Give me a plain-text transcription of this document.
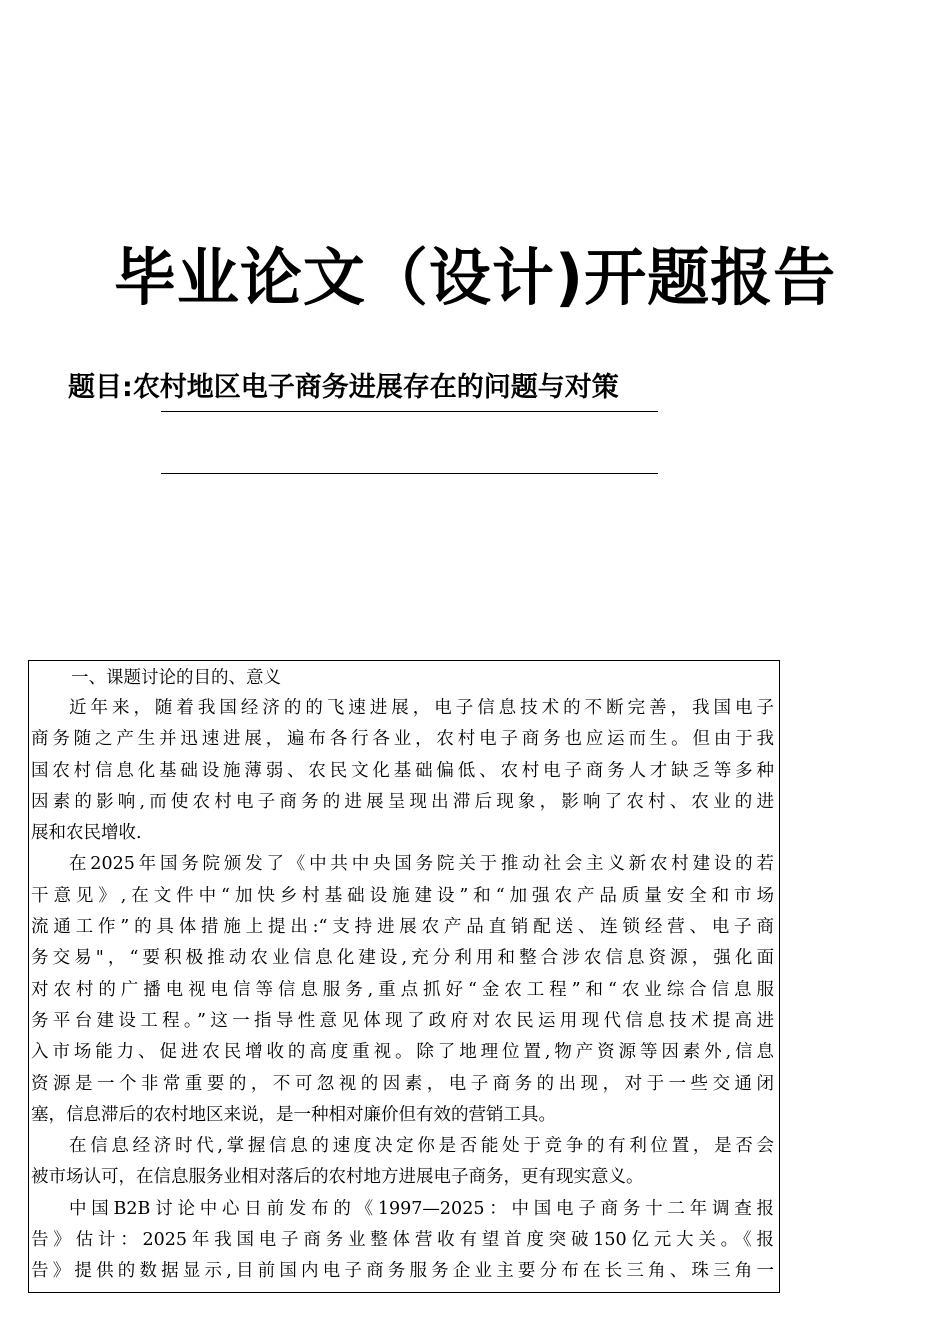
毕业论文（设计)开题报告
题目:农村地区电子商务进展存在的问题与对策

一、课题讨论的目的、意义

近年来，随着我国经济的的飞速进展，电子信息技术的不断完善，我国电子

商务随之产生并迅速进展，遍布各行各业，农村电子商务也应运而生。但由于我

国农村信息化基础设施薄弱、农民文化基础偏低、农村电子商务人才缺乏等多种

因素的影响,而使农村电子商务的进展呈现出滞后现象，影响了农村、农业的进

展和农民增收.

在2025年国务院颁发了《中共中央国务院关于推动社会主义新农村建设的若

干意见》,在文件中“加快乡村基础设施建设”和“加强农产品质量安全和市场

流通工作”的具体措施上提出:“支持进展农产品直销配送、连锁经营、电子商

务交易"，“要积极推动农业信息化建设,充分利用和整合涉农信息资源，强化面

对农村的广播电视电信等信息服务,重点抓好“金农工程”和“农业综合信息服

务平台建设工程。”这一指导性意见体现了政府对农民运用现代信息技术提高进

入市场能力、促进农民增收的高度重视。除了地理位置,物产资源等因素外,信息

资源是一个非常重要的，不可忽视的因素，电子商务的出现，对于一些交通闭

塞，信息滞后的农村地区来说，是一种相对廉价但有效的营销工具。

在信息经济时代,掌握信息的速度决定你是否能处于竞争的有利位置，是否会

被市场认可，在信息服务业相对落后的农村地方进展电子商务，更有现实意义。

中国B2B讨论中心日前发布的《1997—2025：中国电子商务十二年调查报

告》估计：2025年我国电子商务业整体营收有望首度突破150亿元大关。《报

告》提供的数据显示,目前国内电子商务服务企业主要分布在长三角、珠三角一
